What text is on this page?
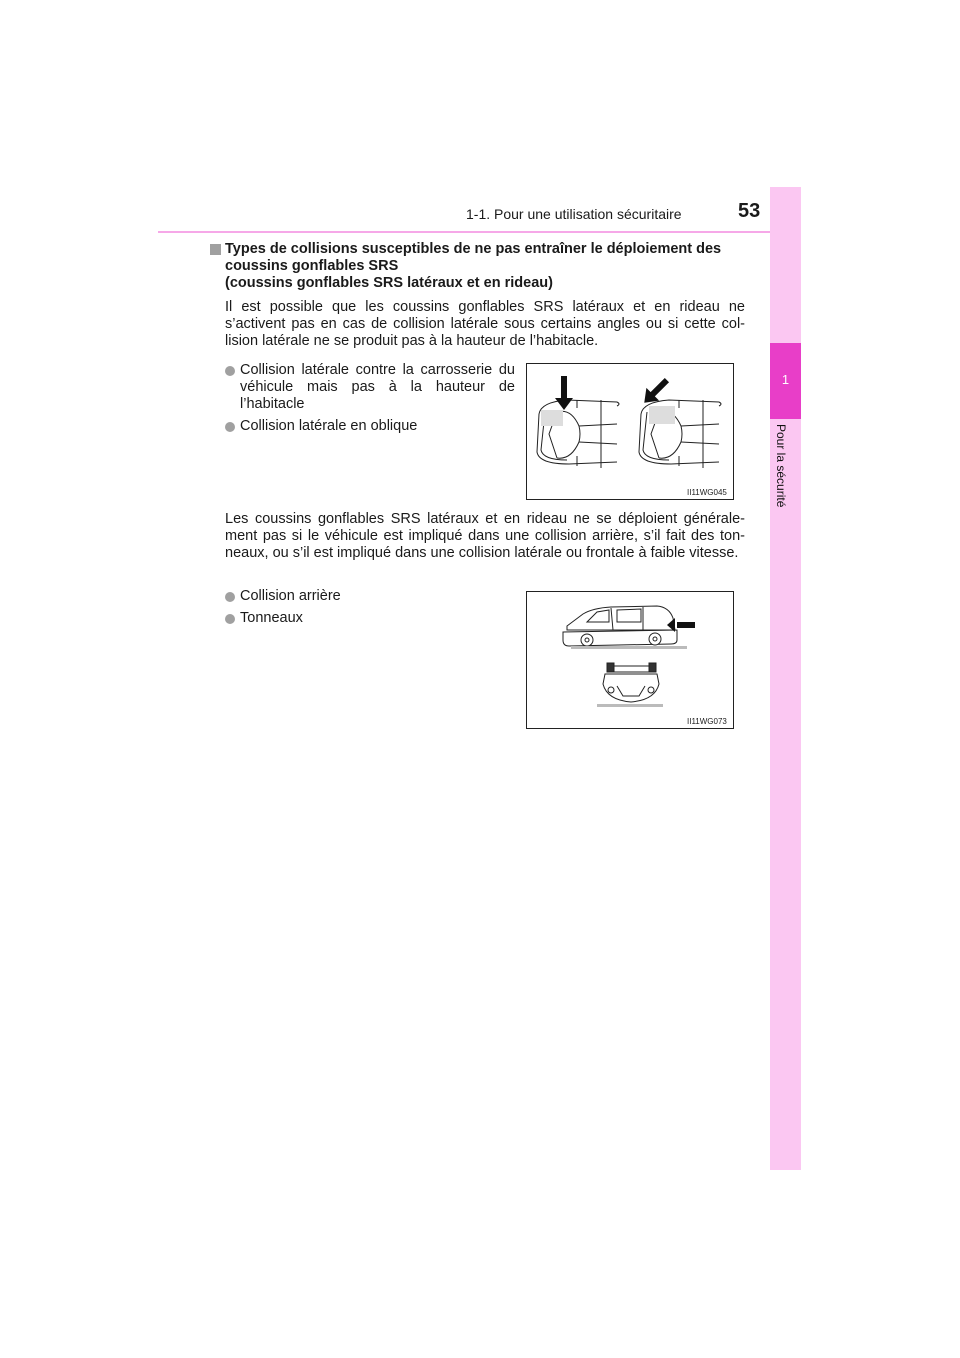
1-1. Pour une utilisation sécuritaire	53
1
Pour la sécurité
Types de collisions susceptibles de ne pas entraîner le déploiement des
coussins gonflables SRS
(coussins gonflables SRS latéraux et en rideau)
Il est possible que les coussins gonflables SRS latéraux et en rideau ne s’activent pas en cas de collision latérale sous certains angles ou si cette col-lision latérale ne se produit pas à la hauteur de l’habitacle.
Collision latérale contre la carrosserie du véhicule mais pas à la hauteur de l’habitacle
Collision latérale en oblique
II11WG045
Les coussins gonflables SRS latéraux et en rideau ne se déploient générale-ment pas si le véhicule est impliqué dans une collision arrière, s’il fait des ton-neaux, ou s’il est impliqué dans une collision latérale ou frontale à faible vitesse.
Collision arrière
Tonneaux
II11WG073
